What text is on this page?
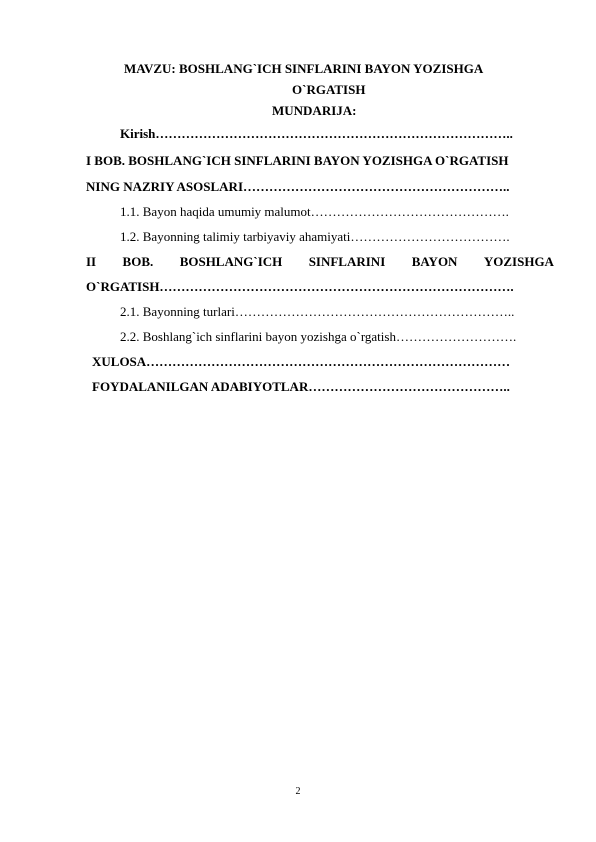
MAVZU: BOSHLANG`ICH SINFLARINI BAYON YOZISHGA
O`RGATISH
MUNDARIJA:
Kirish………………………………………………………………………..
I BOB. BOSHLANG`ICH SINFLARINI BAYON YOZISHGA O`RGATISH
NING NAZRIY ASOSLARI……………………………………………………..
1.1. Bayon haqida umumiy malumot……………………………………….
1.2. Bayonning talimiy tarbiyaviy ahamiyati……………………………….
II BOB. BOSHLANG`ICH SINFLARINI BAYON YOZISHGA
O`RGATISH……………………………………………………………………….
2.1. Bayonning turlari………………………………………………………..
2.2. Boshlang`ich sinflarini bayon yozishga o`rgatish……………………….
XULOSA…………………………………………………………………………
FOYDALANILGAN ADABIYOTLAR………………………………………..
2
